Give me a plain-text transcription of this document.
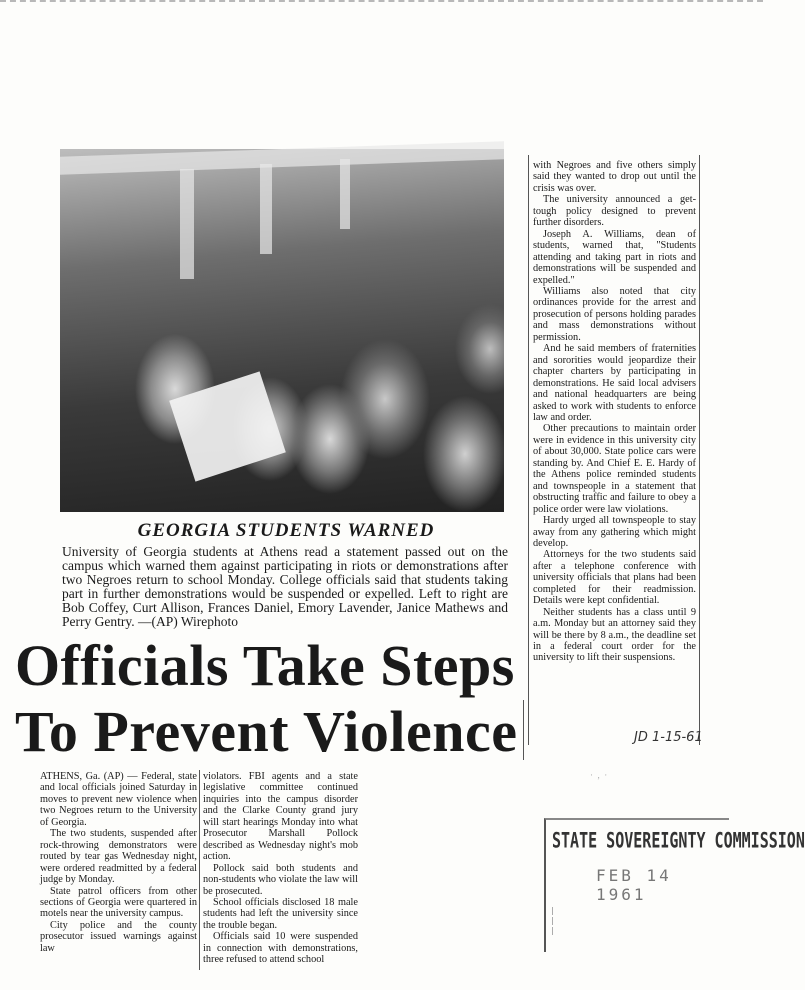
GEORGIA STUDENTS WARNED
University of Georgia students at Athens read a statement passed out on the campus which warned them against participating in riots or demonstrations after two Negroes return to school Monday. College officials said that students taking part in further demonstrations would be suspended or expelled. Left to right are Bob Coffey, Curt Allison, Frances Daniel, Emory Lavender, Janice Mathews and Perry Gentry. —(AP) Wirephoto
Officials Take Steps
To Prevent Violence

ATHENS, Ga. (AP) — Federal, state and local officials joined Saturday in moves to prevent new violence when two Negroes return to the University of Georgia.

The two students, suspended after rock-throwing demonstrators were routed by tear gas Wednesday night, were ordered readmitted by a federal judge by Monday.

State patrol officers from other sections of Georgia were quartered in motels near the university campus.

City police and the county prosecutor issued warnings against law

violators. FBI agents and a state legislative committee continued inquiries into the campus disorder and the Clarke County grand jury will start hearings Monday into what Prosecutor Marshall Pollock described as Wednesday night's mob action.

Pollock said both students and non-students who violate the law will be prosecuted.

School officials disclosed 18 male students had left the university since the trouble began.

Officials said 10 were suspended in connection with demonstrations, three refused to attend school

with Negroes and five others simply said they wanted to drop out until the crisis was over.

The university announced a get-tough policy designed to prevent further disorders.

Joseph A. Williams, dean of students, warned that, "Students attending and taking part in riots and demonstrations will be suspended and expelled."

Williams also noted that city ordinances provide for the arrest and prosecution of persons holding parades and mass demonstrations without permission.

And he said members of fraternities and sororities would jeopardize their chapter charters by participating in demonstrations. He said local advisers and national headquarters are being asked to work with students to enforce law and order.

Other precautions to maintain order were in evidence in this university city of about 30,000. State police cars were standing by. And Chief E. E. Hardy of the Athens police reminded students and townspeople in a statement that obstructing traffic and failure to obey a police order were law violations.

Hardy urged all townspeople to stay away from any gathering which might develop.

Attorneys for the two students said after a telephone conference with university officials that plans had been completed for their readmission. Details were kept confidential.

Neither students has a class until 9 a.m. Monday but an attorney said they will be there by 8 a.m., the deadline set in a federal court order for the university to lift their suspensions.

JD 1-15-61
·  ,  ·
STATE SOVEREIGNTY COMMISSION
FEB 14 1961
|
|
|
